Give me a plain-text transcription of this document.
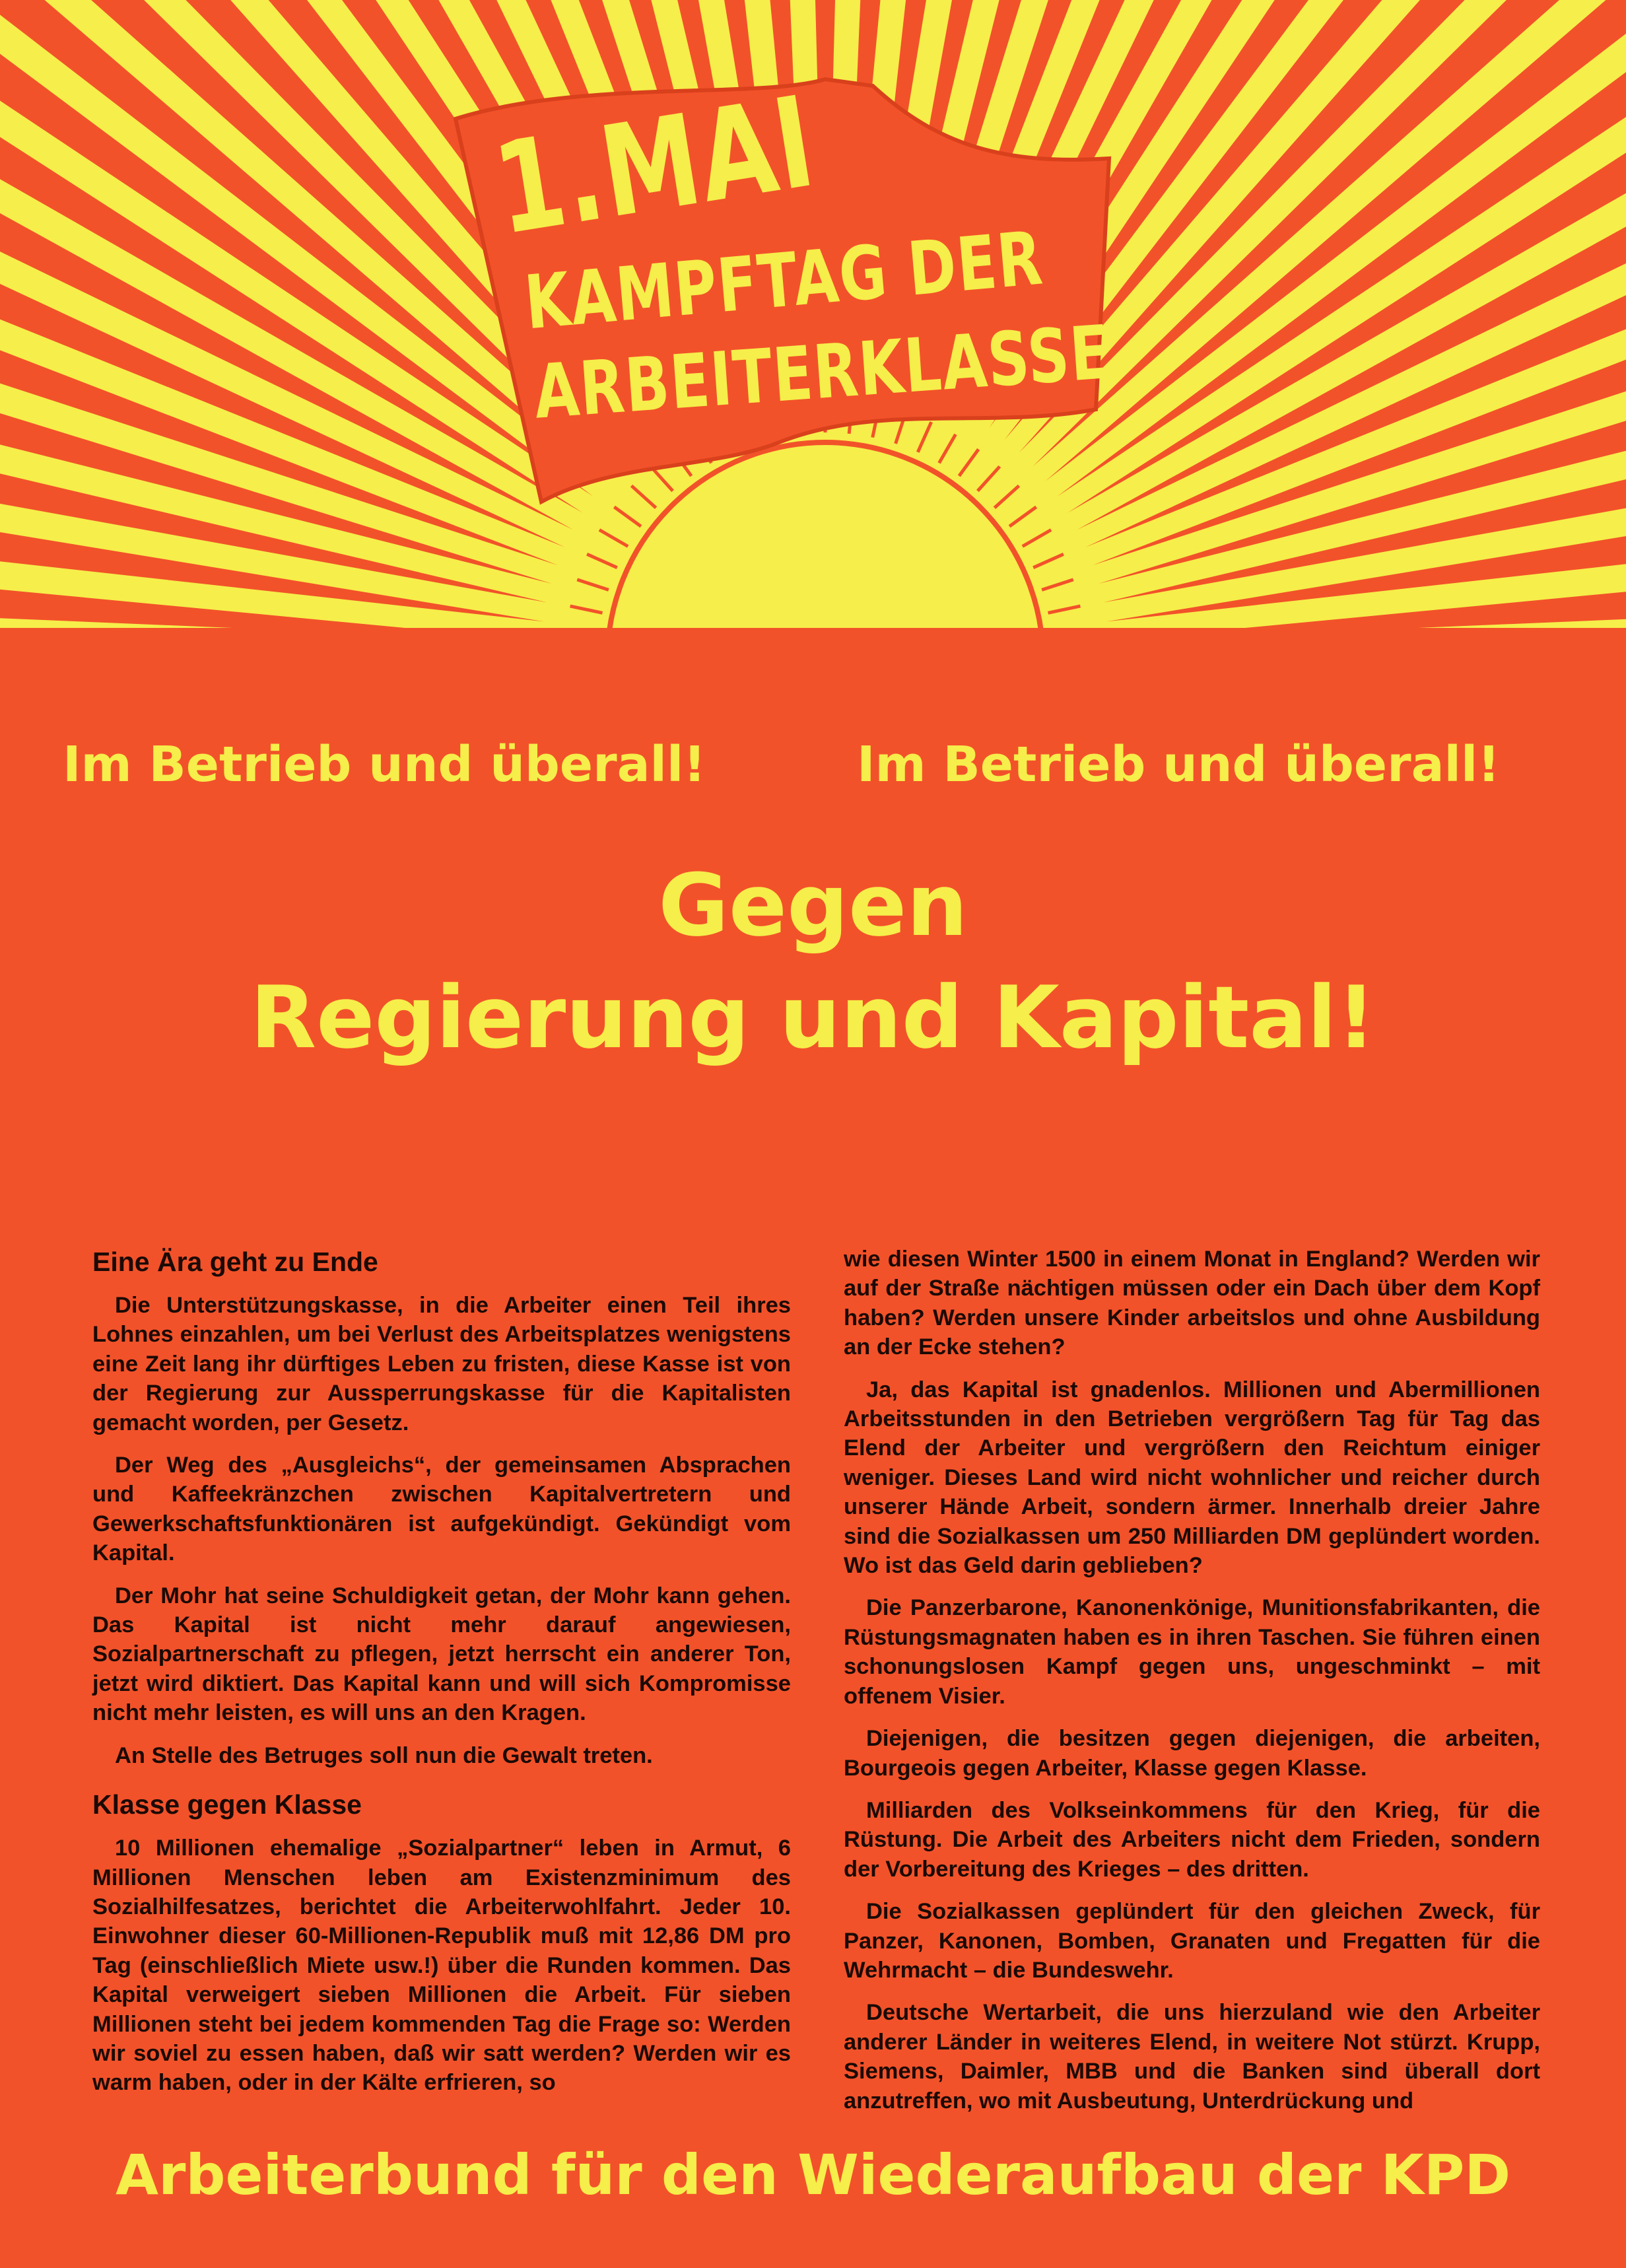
1.MAI
KAMPFTAG DER
ARBEITERKLASSE
Im Betrieb und überall!	Im Betrieb und überall!
Gegen
Regierung und Kapital!
Eine Ära geht zu Ende

Die Unterstützungskasse, in die Arbeiter einen Teil ihres Lohnes einzahlen, um bei Verlust des Arbeitsplatzes wenigstens eine Zeit lang ihr dürftiges Leben zu fristen, diese Kasse ist von der Regierung zur Aussperrungskasse für die Kapitalisten gemacht worden, per Gesetz.

Der Weg des „Ausgleichs“, der gemeinsamen Absprachen und Kaffeekränzchen zwischen Kapitalvertretern und Gewerkschaftsfunktionären ist aufgekündigt. Gekündigt vom Kapital.

Der Mohr hat seine Schuldigkeit getan, der Mohr kann gehen. Das Kapital ist nicht mehr darauf angewiesen, Sozialpartnerschaft zu pflegen, jetzt herrscht ein anderer Ton, jetzt wird diktiert. Das Kapital kann und will sich Kompromisse nicht mehr leisten, es will uns an den Kragen.

An Stelle des Betruges soll nun die Gewalt treten.

Klasse gegen Klasse

10 Millionen ehemalige „Sozialpartner“ leben in Armut, 6 Millionen Menschen leben am Existenzminimum des Sozialhilfesatzes, berichtet die Arbeiterwohlfahrt. Jeder 10. Einwohner dieser 60-Millionen-Republik muß mit 12,86 DM pro Tag (einschließlich Miete usw.!) über die Runden kommen. Das Kapital verweigert sieben Millionen die Arbeit. Für sieben Millionen steht bei jedem kommenden Tag die Frage so: Werden wir soviel zu essen haben, daß wir satt werden? Werden wir es warm haben, oder in der Kälte erfrieren, so

wie diesen Winter 1500 in einem Monat in England? Werden wir auf der Straße nächtigen müssen oder ein Dach über dem Kopf haben? Werden unsere Kinder arbeitslos und ohne Ausbildung an der Ecke stehen?

Ja, das Kapital ist gnadenlos. Millionen und Abermillionen Arbeitsstunden in den Betrieben vergrößern Tag für Tag das Elend der Arbeiter und vergrößern den Reichtum einiger weniger. Dieses Land wird nicht wohnlicher und reicher durch unserer Hände Arbeit, sondern ärmer. Innerhalb dreier Jahre sind die Sozialkassen um 250 Milliarden DM geplündert worden. Wo ist das Geld darin geblieben?

Die Panzerbarone, Kanonenkönige, Munitionsfabrikanten, die Rüstungsmagnaten haben es in ihren Taschen. Sie führen einen schonungslosen Kampf gegen uns, ungeschminkt – mit offenem Visier.

Diejenigen, die besitzen gegen diejenigen, die arbeiten, Bourgeois gegen Arbeiter, Klasse gegen Klasse.

Milliarden des Volkseinkommens für den Krieg, für die Rüstung. Die Arbeit des Arbeiters nicht dem Frieden, sondern der Vorbereitung des Krieges – des dritten.

Die Sozialkassen geplündert für den gleichen Zweck, für Panzer, Kanonen, Bomben, Granaten und Fregatten für die Wehrmacht – die Bundeswehr.

Deutsche Wertarbeit, die uns hierzuland wie den Arbeiter anderer Länder in weiteres Elend, in weitere Not stürzt. Krupp, Siemens, Daimler, MBB und die Banken sind überall dort anzutreffen, wo mit Ausbeutung, Unterdrückung und

Arbeiterbund für den Wiederaufbau der KPD
